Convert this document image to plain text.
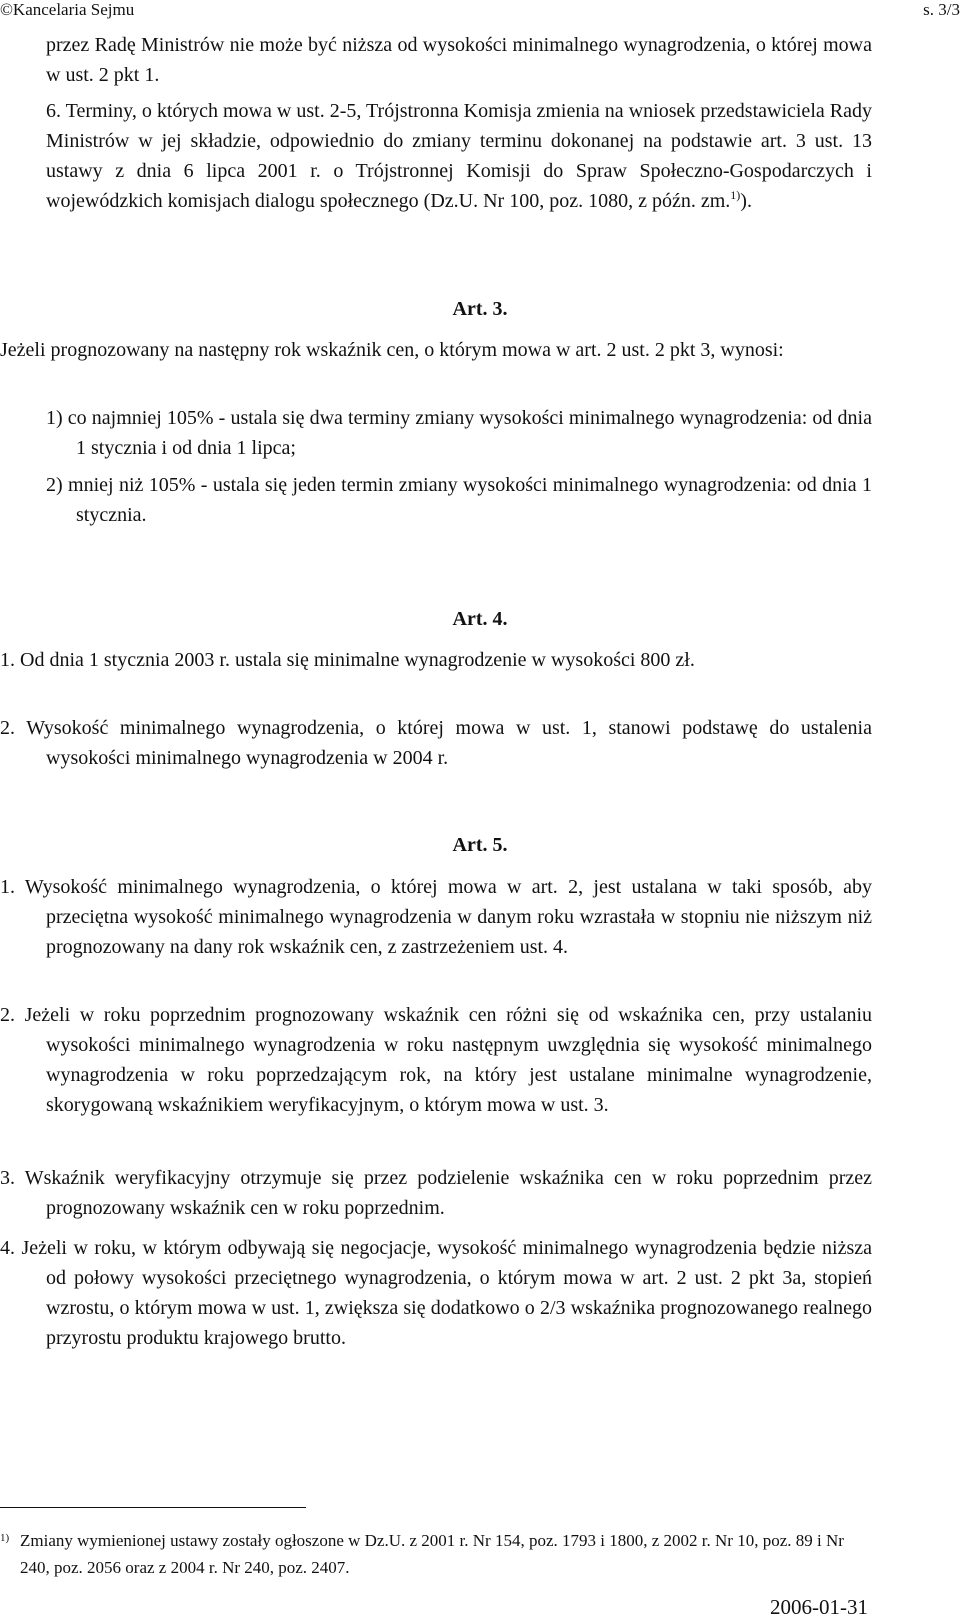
©Kancelaria Sejmu	s. 3/3

przez Radę Ministrów nie może być niższa od wysokości minimalnego wynagrodzenia, o której mowa w ust. 2 pkt 1.

6. Terminy, o których mowa w ust. 2-5, Trójstronna Komisja zmienia na wniosek przedstawiciela Rady Ministrów w jej składzie, odpowiednio do zmiany terminu dokonanej na podstawie art. 3 ust. 13 ustawy z dnia 6 lipca 2001 r. o Trójstronnej Komisji do Spraw Społeczno-Gospodarczych i wojewódzkich komisjach dialogu społecznego (Dz.U. Nr 100, poz. 1080, z późn. zm.$^{1)}$).

Art. 3.

Jeżeli prognozowany na następny rok wskaźnik cen, o którym mowa w art. 2 ust. 2 pkt 3, wynosi:

1) co najmniej 105% - ustala się dwa terminy zmiany wysokości minimalnego wynagrodzenia: od dnia 1 stycznia i od dnia 1 lipca;

2) mniej niż 105% - ustala się jeden termin zmiany wysokości minimalnego wynagrodzenia: od dnia 1 stycznia.

Art. 4.

1. Od dnia 1 stycznia 2003 r. ustala się minimalne wynagrodzenie w wysokości 800 zł.

2. Wysokość minimalnego wynagrodzenia, o której mowa w ust. 1, stanowi podstawę do ustalenia wysokości minimalnego wynagrodzenia w 2004 r.

Art. 5.

1. Wysokość minimalnego wynagrodzenia, o której mowa w art. 2, jest ustalana w taki sposób, aby przeciętna wysokość minimalnego wynagrodzenia w danym roku wzrastała w stopniu nie niższym niż prognozowany na dany rok wskaźnik cen, z zastrzeżeniem ust. 4.

2. Jeżeli w roku poprzednim prognozowany wskaźnik cen różni się od wskaźnika cen, przy ustalaniu wysokości minimalnego wynagrodzenia w roku następnym uwzględnia się wysokość minimalnego wynagrodzenia w roku poprzedzającym rok, na który jest ustalane minimalne wynagrodzenie, skorygowaną wskaźnikiem weryfikacyjnym, o którym mowa w ust. 3.

3. Wskaźnik weryfikacyjny otrzymuje się przez podzielenie wskaźnika cen w roku poprzednim przez prognozowany wskaźnik cen w roku poprzednim.

4. Jeżeli w roku, w którym odbywają się negocjacje, wysokość minimalnego wynagrodzenia będzie niższa od połowy wysokości przeciętnego wynagrodzenia, o którym mowa w art. 2 ust. 2 pkt 3a, stopień wzrostu, o którym mowa w ust. 1, zwiększa się dodatkowo o 2/3 wskaźnika prognozowanego realnego przyrostu produktu krajowego brutto.

1) Zmiany wymienionej ustawy zostały ogłoszone w Dz.U. z 2001 r. Nr 154, poz. 1793 i 1800, z 2002 r. Nr 10, poz. 89 i Nr 240, poz. 2056 oraz z 2004 r. Nr 240, poz. 2407.
2006-01-31
